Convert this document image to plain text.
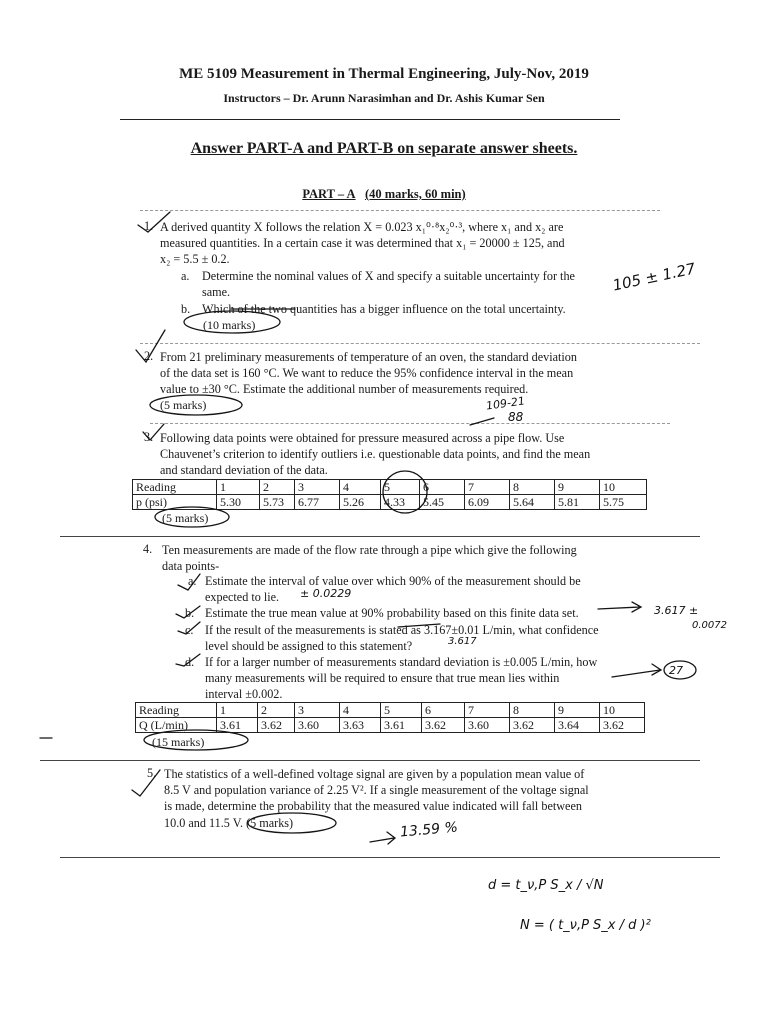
ME 5109 Measurement in Thermal Engineering, July-Nov, 2019
Instructors – Dr. Arunn Narasimhan and Dr. Ashis Kumar Sen
Answer PART-A and PART-B on separate answer sheets.
PART – A (40 marks, 60 min)
1. A derived quantity X follows the relation X = 0.023 x₁⁰·⁸x₂⁰·³, where x₁ and x₂ are
measured quantities. In a certain case it was determined that x₁ = 20000 ± 125, and
x₂ = 5.5 ± 0.2.
a. Determine the nominal values of X and specify a suitable uncertainty for the
same.
b. Which of the two quantities has a bigger influence on the total uncertainty.
(10 marks)
2. From 21 preliminary measurements of temperature of an oven, the standard deviation
of the data set is 160 °C. We want to reduce the 95% confidence interval in the mean
value to ±30 °C. Estimate the additional number of measurements required.
(5 marks)
3. Following data points were obtained for pressure measured across a pipe flow. Use
Chauvenet’s criterion to identify outliers i.e. questionable data points, and find the mean
and standard deviation of the data.
Reading	1	2	3	4	5	6	7	8	9	10
p (psi)	5.30	5.73	6.77	5.26	4.33	5.45	6.09	5.64	5.81	5.75
(5 marks)
4. Ten measurements are made of the flow rate through a pipe which give the following
data points-
a. Estimate the interval of value over which 90% of the measurement should be
expected to lie.
b. Estimate the true mean value at 90% probability based on this finite data set.
c. If the result of the measurements is stated as 3.167±0.01 L/min, what confidence
level should be assigned to this statement?
d. If for a larger number of measurements standard deviation is ±0.005 L/min, how
many measurements will be required to ensure that true mean lies within
interval ±0.002.
Reading	1	2	3	4	5	6	7	8	9	10
Q (L/min)	3.61	3.62	3.60	3.63	3.61	3.62	3.60	3.62	3.64	3.62
(15 marks)
5. The statistics of a well-defined voltage signal are given by a population mean value of
8.5 V and population variance of 2.25 V². If a single measurement of the voltage signal
is made, determine the probability that the measured value indicated will fall between
10.0 and 11.5 V. (5 marks)
105 ± 1.27
109-21
88
± 0.0229
3.617 ±
0.0072
3.617
27
13.59 %
d = t_ν,P S_x / √N
N = ( t_ν,P S_x / d )²
